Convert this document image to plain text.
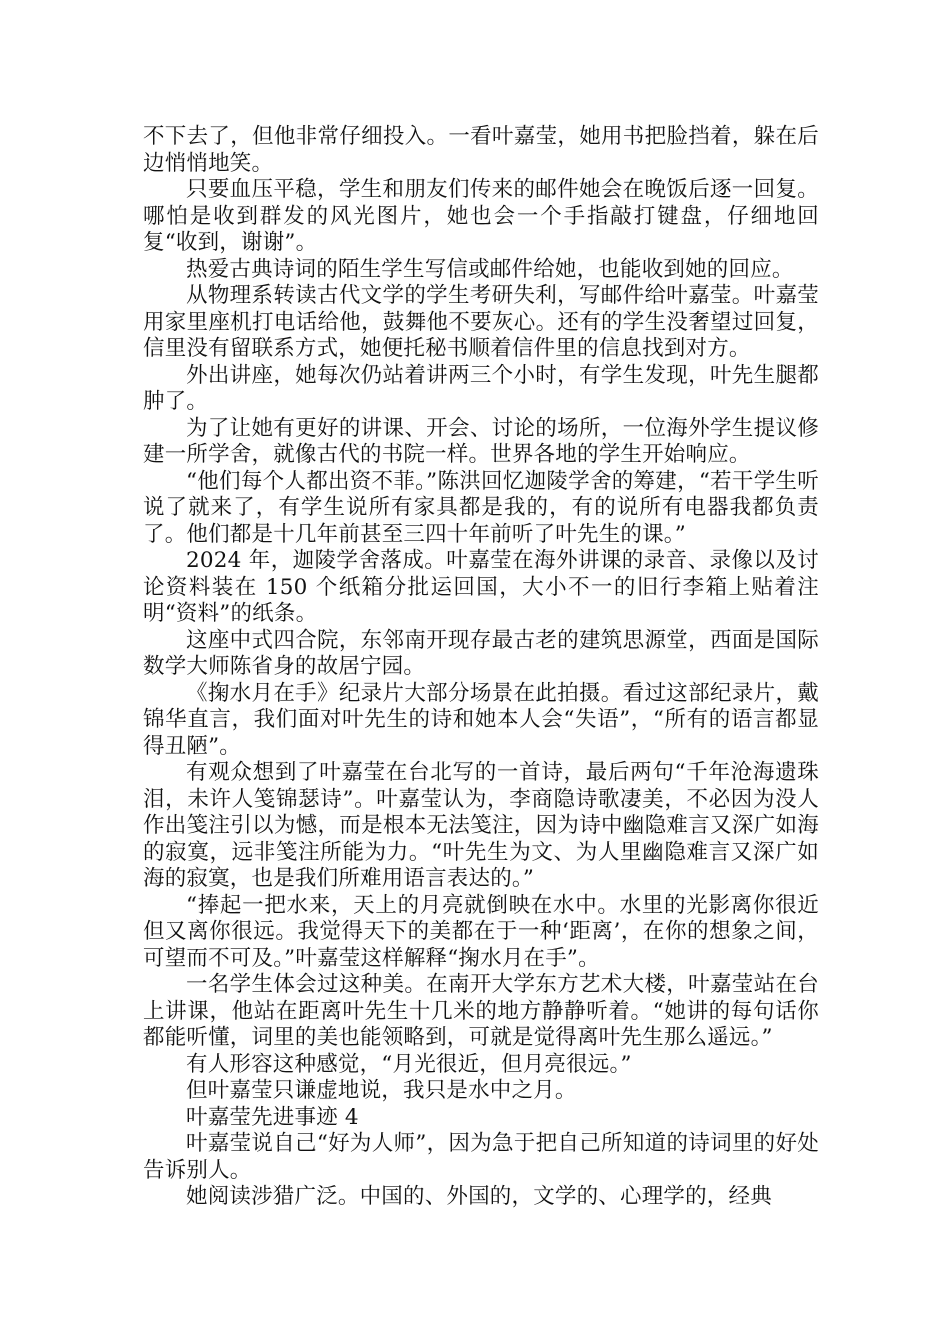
不下去了，但他非常仔细投入。一看叶嘉莹，她用书把脸挡着，躲在后边悄悄地笑。

只要血压平稳，学生和朋友们传来的邮件她会在晚饭后逐一回复。哪怕是收到群发的风光图片，她也会一个手指敲打键盘，仔细地回复“收到，谢谢”。

热爱古典诗词的陌生学生写信或邮件给她，也能收到她的回应。

从物理系转读古代文学的学生考研失利，写邮件给叶嘉莹。叶嘉莹用家里座机打电话给他，鼓舞他不要灰心。还有的学生没奢望过回复，信里没有留联系方式，她便托秘书顺着信件里的信息找到对方。

外出讲座，她每次仍站着讲两三个小时，有学生发现，叶先生腿都肿了。

为了让她有更好的讲课、开会、讨论的场所，一位海外学生提议修建一所学舍，就像古代的书院一样。世界各地的学生开始响应。

“他们每个人都出资不菲。”陈洪回忆迦陵学舍的筹建，“若干学生听说了就来了，有学生说所有家具都是我的，有的说所有电器我都负责了。他们都是十几年前甚至三四十年前听了叶先生的课。”

2024 年，迦陵学舍落成。叶嘉莹在海外讲课的录音、录像以及讨论资料装在 150 个纸箱分批运回国，大小不一的旧行李箱上贴着注明“资料”的纸条。

这座中式四合院，东邻南开现存最古老的建筑思源堂，西面是国际数学大师陈省身的故居宁园。

《掬水月在手》纪录片大部分场景在此拍摄。看过这部纪录片，戴锦华直言，我们面对叶先生的诗和她本人会“失语”，“所有的语言都显得丑陋”。

有观众想到了叶嘉莹在台北写的一首诗，最后两句“千年沧海遗珠泪，未许人笺锦瑟诗”。叶嘉莹认为，李商隐诗歌凄美，不必因为没人作出笺注引以为憾，而是根本无法笺注，因为诗中幽隐难言又深广如海的寂寞，远非笺注所能为力。“叶先生为文、为人里幽隐难言又深广如海的寂寞，也是我们所难用语言表达的。”

“捧起一把水来，天上的月亮就倒映在水中。水里的光影离你很近但又离你很远。我觉得天下的美都在于一种‘距离’，在你的想象之间，可望而不可及。”叶嘉莹这样解释“掬水月在手”。

一名学生体会过这种美。在南开大学东方艺术大楼，叶嘉莹站在台上讲课，他站在距离叶先生十几米的地方静静听着。“她讲的每句话你都能听懂，词里的美也能领略到，可就是觉得离叶先生那么遥远。”

有人形容这种感觉，“月光很近，但月亮很远。”

但叶嘉莹只谦虚地说，我只是水中之月。

叶嘉莹先进事迹 4

叶嘉莹说自己“好为人师”，因为急于把自己所知道的诗词里的好处告诉别人。

她阅读涉猎广泛。中国的、外国的，文学的、心理学的，经典
